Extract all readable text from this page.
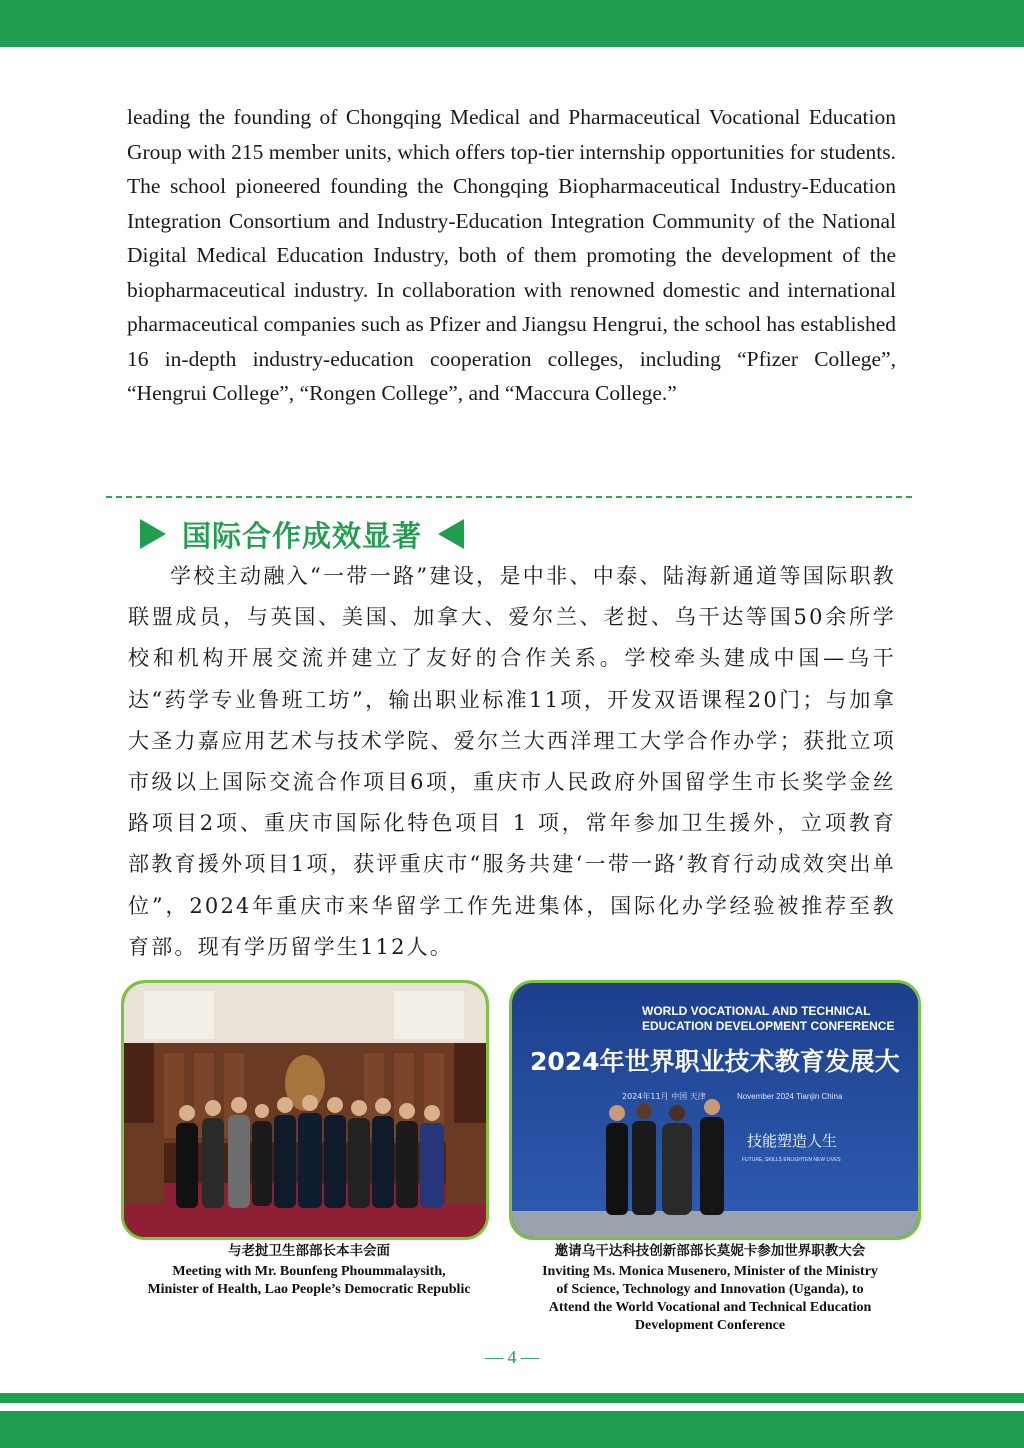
leading the founding of Chongqing Medical and Pharmaceutical Vocational Education Group with 215 member units, which offers top-tier internship opportunities for students. The school pioneered founding the Chongqing Biopharmaceutical Industry-Education Integration Consortium and Industry-Education Integration Community of the National Digital Medical Education Industry, both of them promoting the development of the biopharmaceutical industry. In collaboration with renowned domestic and international pharmaceutical companies such as Pfizer and Jiangsu Hengrui, the school has established 16 in-depth industry-education cooperation colleges, including “Pfizer College”, “Hengrui College”, “Rongen College”, and “Maccura College.”

国际合作成效显著

学校主动融入“一带一路”建设，是中非、中泰、陆海新通道等国际职教联盟成员，与英国、美国、加拿大、爱尔兰、老挝、乌干达等国50余所学校和机构开展交流并建立了友好的合作关系。学校牵头建成中国—乌干达“药学专业鲁班工坊”，输出职业标准11项，开发双语课程20门；与加拿大圣力嘉应用艺术与技术学院、爱尔兰大西洋理工大学合作办学；获批立项市级以上国际交流合作项目6项，重庆市人民政府外国留学生市长奖学金丝路项目2项、重庆市国际化特色项目 1 项，常年参加卫生援外，立项教育部教育援外项目1项，获评重庆市“服务共建‘一带一路’教育行动成效突出单位”，2024年重庆市来华留学工作先进集体，国际化办学经验被推荐至教育部。现有学历留学生112人。

WORLD VOCATIONAL AND TECHNICAL
EDUCATION DEVELOPMENT CONFERENCE
2024年世界职业技术教育发展大
2024年11月 中国 天津	November 2024 Tianjin China
技能塑造人生
FUTURE, SKILLS ENLIGHTEN NEW LIVES
与老挝卫生部部长本丰会面
Meeting with Mr. Bounfeng Phoummalaysith,
Minister of Health, Lao People’s Democratic Republic
邀请乌干达科技创新部部长莫妮卡参加世界职教大会
Inviting Ms. Monica Musenero, Minister of the Ministry
of Science, Technology and Innovation (Uganda), to
Attend the World Vocational and Technical Education
Development Conference
— 4 —
